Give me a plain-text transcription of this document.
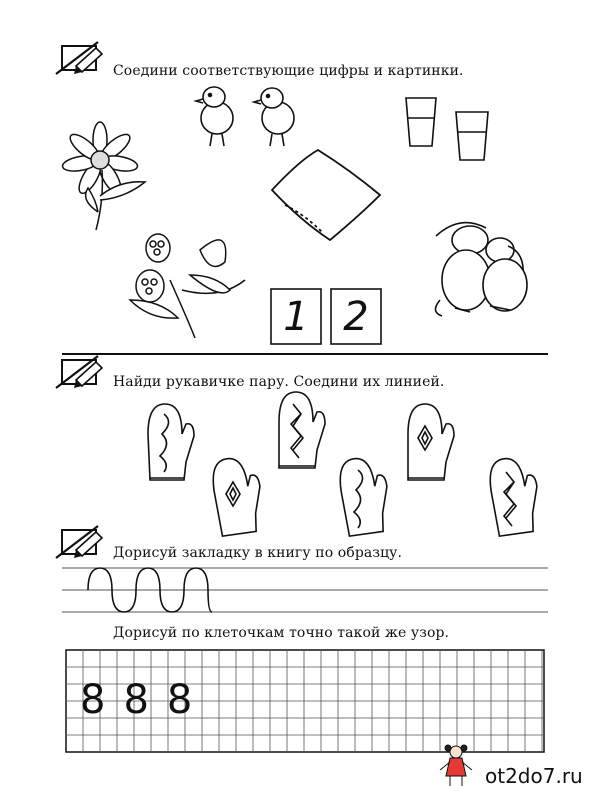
Соедини соответствующие цифры и картинки.
1 2
Найди рукавичке пару. Соедини их линией.
Дорисуй закладку в книгу по образцу.
Дорисуй по клеточкам точно такой же узор.
8 8 8
ot2do7.ru
